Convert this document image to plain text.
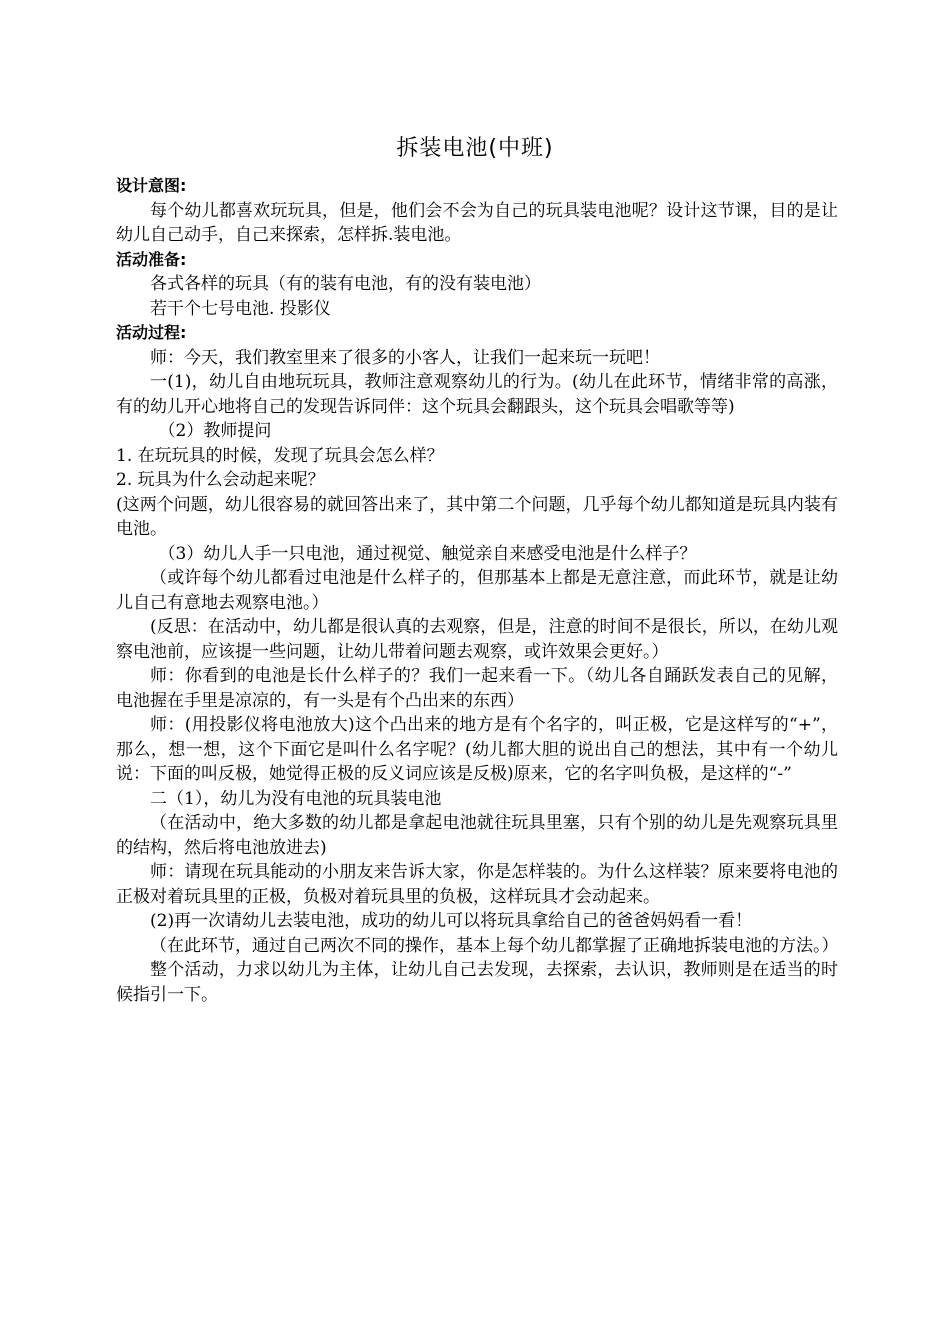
拆装电池(中班)

设计意图:

每个幼儿都喜欢玩玩具，但是，他们会不会为自己的玩具装电池呢？设计这节课，目的是让幼儿自己动手，自己来探索，怎样拆.装电池。

活动准备:

各式各样的玩具（有的装有电池，有的没有装电池）

若干个七号电池. 投影仪

活动过程:

师：今天，我们教室里来了很多的小客人，让我们一起来玩一玩吧！

一(1)，幼儿自由地玩玩具，教师注意观察幼儿的行为。(幼儿在此环节，情绪非常的高涨，有的幼儿开心地将自己的发现告诉同伴：这个玩具会翻跟头，这个玩具会唱歌等等)

（2）教师提问

1. 在玩玩具的时候，发现了玩具会怎么样？

2. 玩具为什么会动起来呢？

(这两个问题，幼儿很容易的就回答出来了，其中第二个问题，几乎每个幼儿都知道是玩具内装有电池。

（3）幼儿人手一只电池，通过视觉、触觉亲自来感受电池是什么样子？

（或许每个幼儿都看过电池是什么样子的，但那基本上都是无意注意，而此环节，就是让幼儿自己有意地去观察电池。）

(反思：在活动中，幼儿都是很认真的去观察，但是，注意的时间不是很长，所以，在幼儿观察电池前，应该提一些问题，让幼儿带着问题去观察，或许效果会更好。）

师：你看到的电池是长什么样子的？我们一起来看一下。（幼儿各自踊跃发表自己的见解，电池握在手里是凉凉的，有一头是有个凸出来的东西）

师：(用投影仪将电池放大)这个凸出来的地方是有个名字的，叫正极，它是这样写的“+”，那么，想一想，这个下面它是叫什么名字呢？(幼儿都大胆的说出自己的想法，其中有一个幼儿说：下面的叫反极，她觉得正极的反义词应该是反极)原来，它的名字叫负极，是这样的“-”

二（1），幼儿为没有电池的玩具装电池

（在活动中，绝大多数的幼儿都是拿起电池就往玩具里塞，只有个别的幼儿是先观察玩具里的结构，然后将电池放进去)

师：请现在玩具能动的小朋友来告诉大家，你是怎样装的。为什么这样装？原来要将电池的正极对着玩具里的正极，负极对着玩具里的负极，这样玩具才会动起来。

(2)再一次请幼儿去装电池，成功的幼儿可以将玩具拿给自己的爸爸妈妈看一看！

（在此环节，通过自己两次不同的操作，基本上每个幼儿都掌握了正确地拆装电池的方法。）

整个活动，力求以幼儿为主体，让幼儿自己去发现，去探索，去认识，教师则是在适当的时候指引一下。
